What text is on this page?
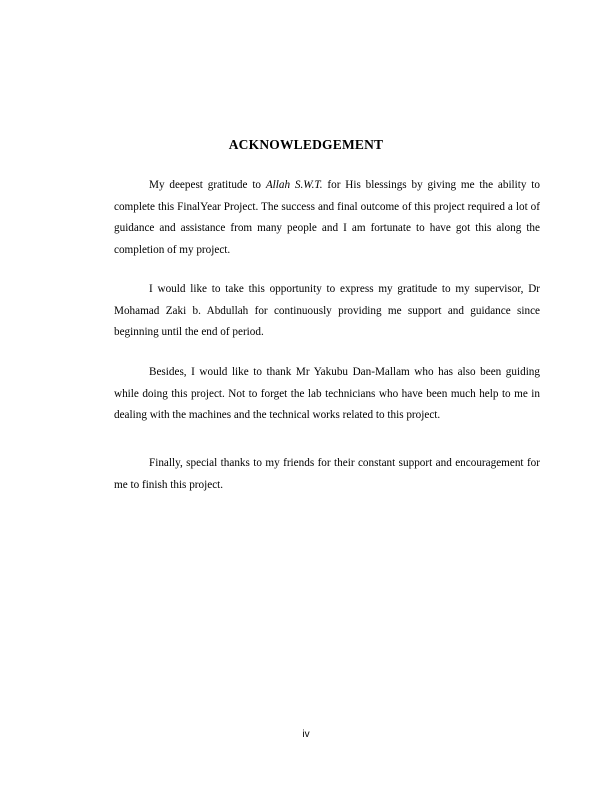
ACKNOWLEDGEMENT

My deepest gratitude to Allah S.W.T. for His blessings by giving me the ability to complete this FinalYear Project. The success and final outcome of this project required a lot of guidance and assistance from many people and I am fortunate to have got this along the completion of my project.

I would like to take this opportunity to express my gratitude to my supervisor, Dr Mohamad Zaki b. Abdullah for continuously providing me support and guidance since beginning until the end of period.

Besides, I would like to thank Mr Yakubu Dan-Mallam who has also been guiding while doing this project. Not to forget the lab technicians who have been much help to me in dealing with the machines and the technical works related to this project.

Finally, special thanks to my friends for their constant support and encouragement for me to finish this project.

iv
